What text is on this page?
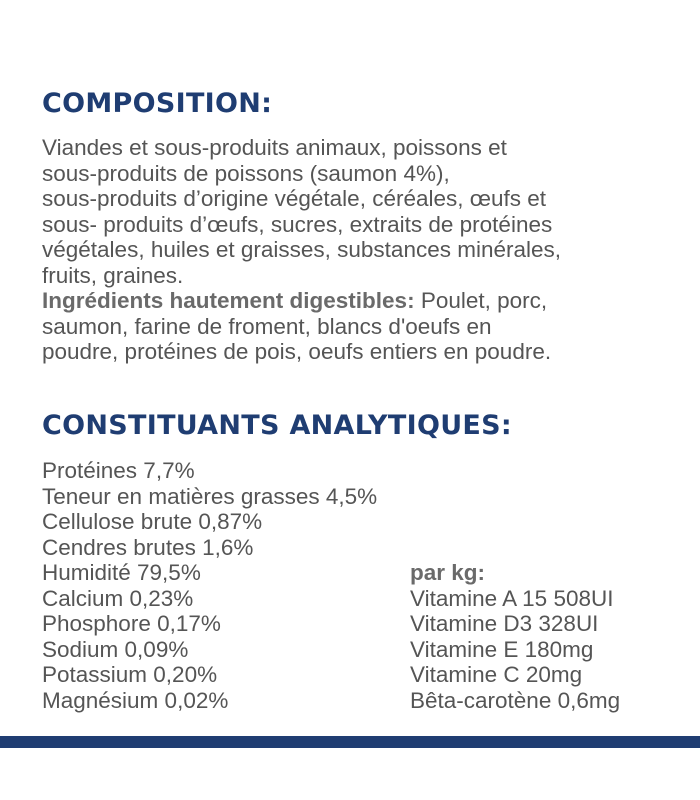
COMPOSITION:
Viandes et sous-produits animaux, poissons et
sous-produits de poissons (saumon 4%),
sous-produits d’origine végétale, céréales, œufs et
sous- produits d’œufs, sucres, extraits de protéines
végétales, huiles et graisses, substances minérales,
fruits, graines.
Ingrédients hautement digestibles: Poulet, porc,
saumon, farine de froment, blancs d'oeufs en
poudre, protéines de pois, oeufs entiers en poudre.
CONSTITUANTS ANALYTIQUES:
Protéines 7,7%
Teneur en matières grasses 4,5%
Cellulose brute 0,87%
Cendres brutes 1,6%
Humidité 79,5%
Calcium 0,23%
Phosphore 0,17%
Sodium 0,09%
Potassium 0,20%
Magnésium 0,02%
par kg:
Vitamine A 15 508UI
Vitamine D3 328UI
Vitamine E 180mg
Vitamine C 20mg
Bêta-carotène 0,6mg
